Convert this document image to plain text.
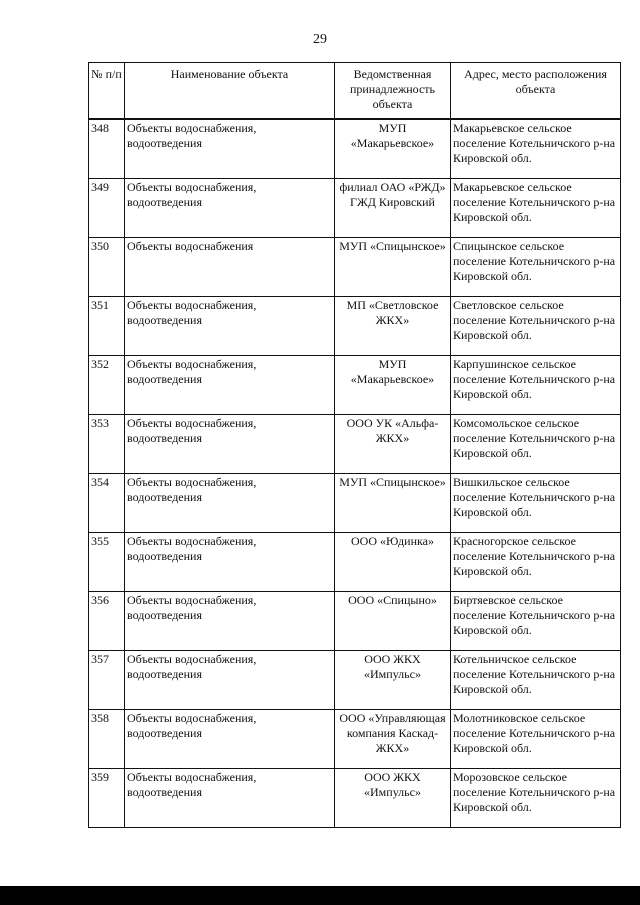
29
№ п/п	Наименование объекта	Ведомственная принадлежность объекта	Адрес, место расположения объекта
348	Объекты водоснабжения, водоотведения	МУП «Макарьевское»	Макарьевское сельское поселение Котельничского р-на Кировской обл.
349	Объекты водоснабжения, водоотведения	филиал ОАО «РЖД» ГЖД Кировский	Макарьевское сельское поселение Котельничского р-на Кировской обл.
350	Объекты водоснабжения	МУП «Спицынское»	Спицынское сельское поселение Котельничского р-на Кировской обл.
351	Объекты водоснабжения, водоотведения	МП «Светловское ЖКХ»	Светловское сельское поселение Котельничского р-на Кировской обл.
352	Объекты водоснабжения, водоотведения	МУП «Макарьевское»	Карпушинское сельское поселение Котельничского р-на Кировской обл.
353	Объекты водоснабжения, водоотведения	ООО УК «Альфа-ЖКХ»	Комсомольское сельское поселение Котельничского р-на Кировской обл.
354	Объекты водоснабжения, водоотведения	МУП «Спицынское»	Вишкильское сельское поселение Котельничского р-на Кировской обл.
355	Объекты водоснабжения, водоотведения	ООО «Юдинка»	Красногорское сельское поселение Котельничского р-на Кировской обл.
356	Объекты водоснабжения, водоотведения	ООО «Спицыно»	Биртяевское сельское поселение Котельничского р-на Кировской обл.
357	Объекты водоснабжения, водоотведения	ООО ЖКХ «Импульс»	Котельничское сельское поселение Котельничского р-на Кировской обл.
358	Объекты водоснабжения, водоотведения	ООО «Управляющая компания Каскад-ЖКХ»	Молотниковское сельское поселение Котельничского р-на Кировской обл.
359	Объекты водоснабжения, водоотведения	ООО ЖКХ «Импульс»	Морозовское сельское поселение Котельничского р-на Кировской обл.
